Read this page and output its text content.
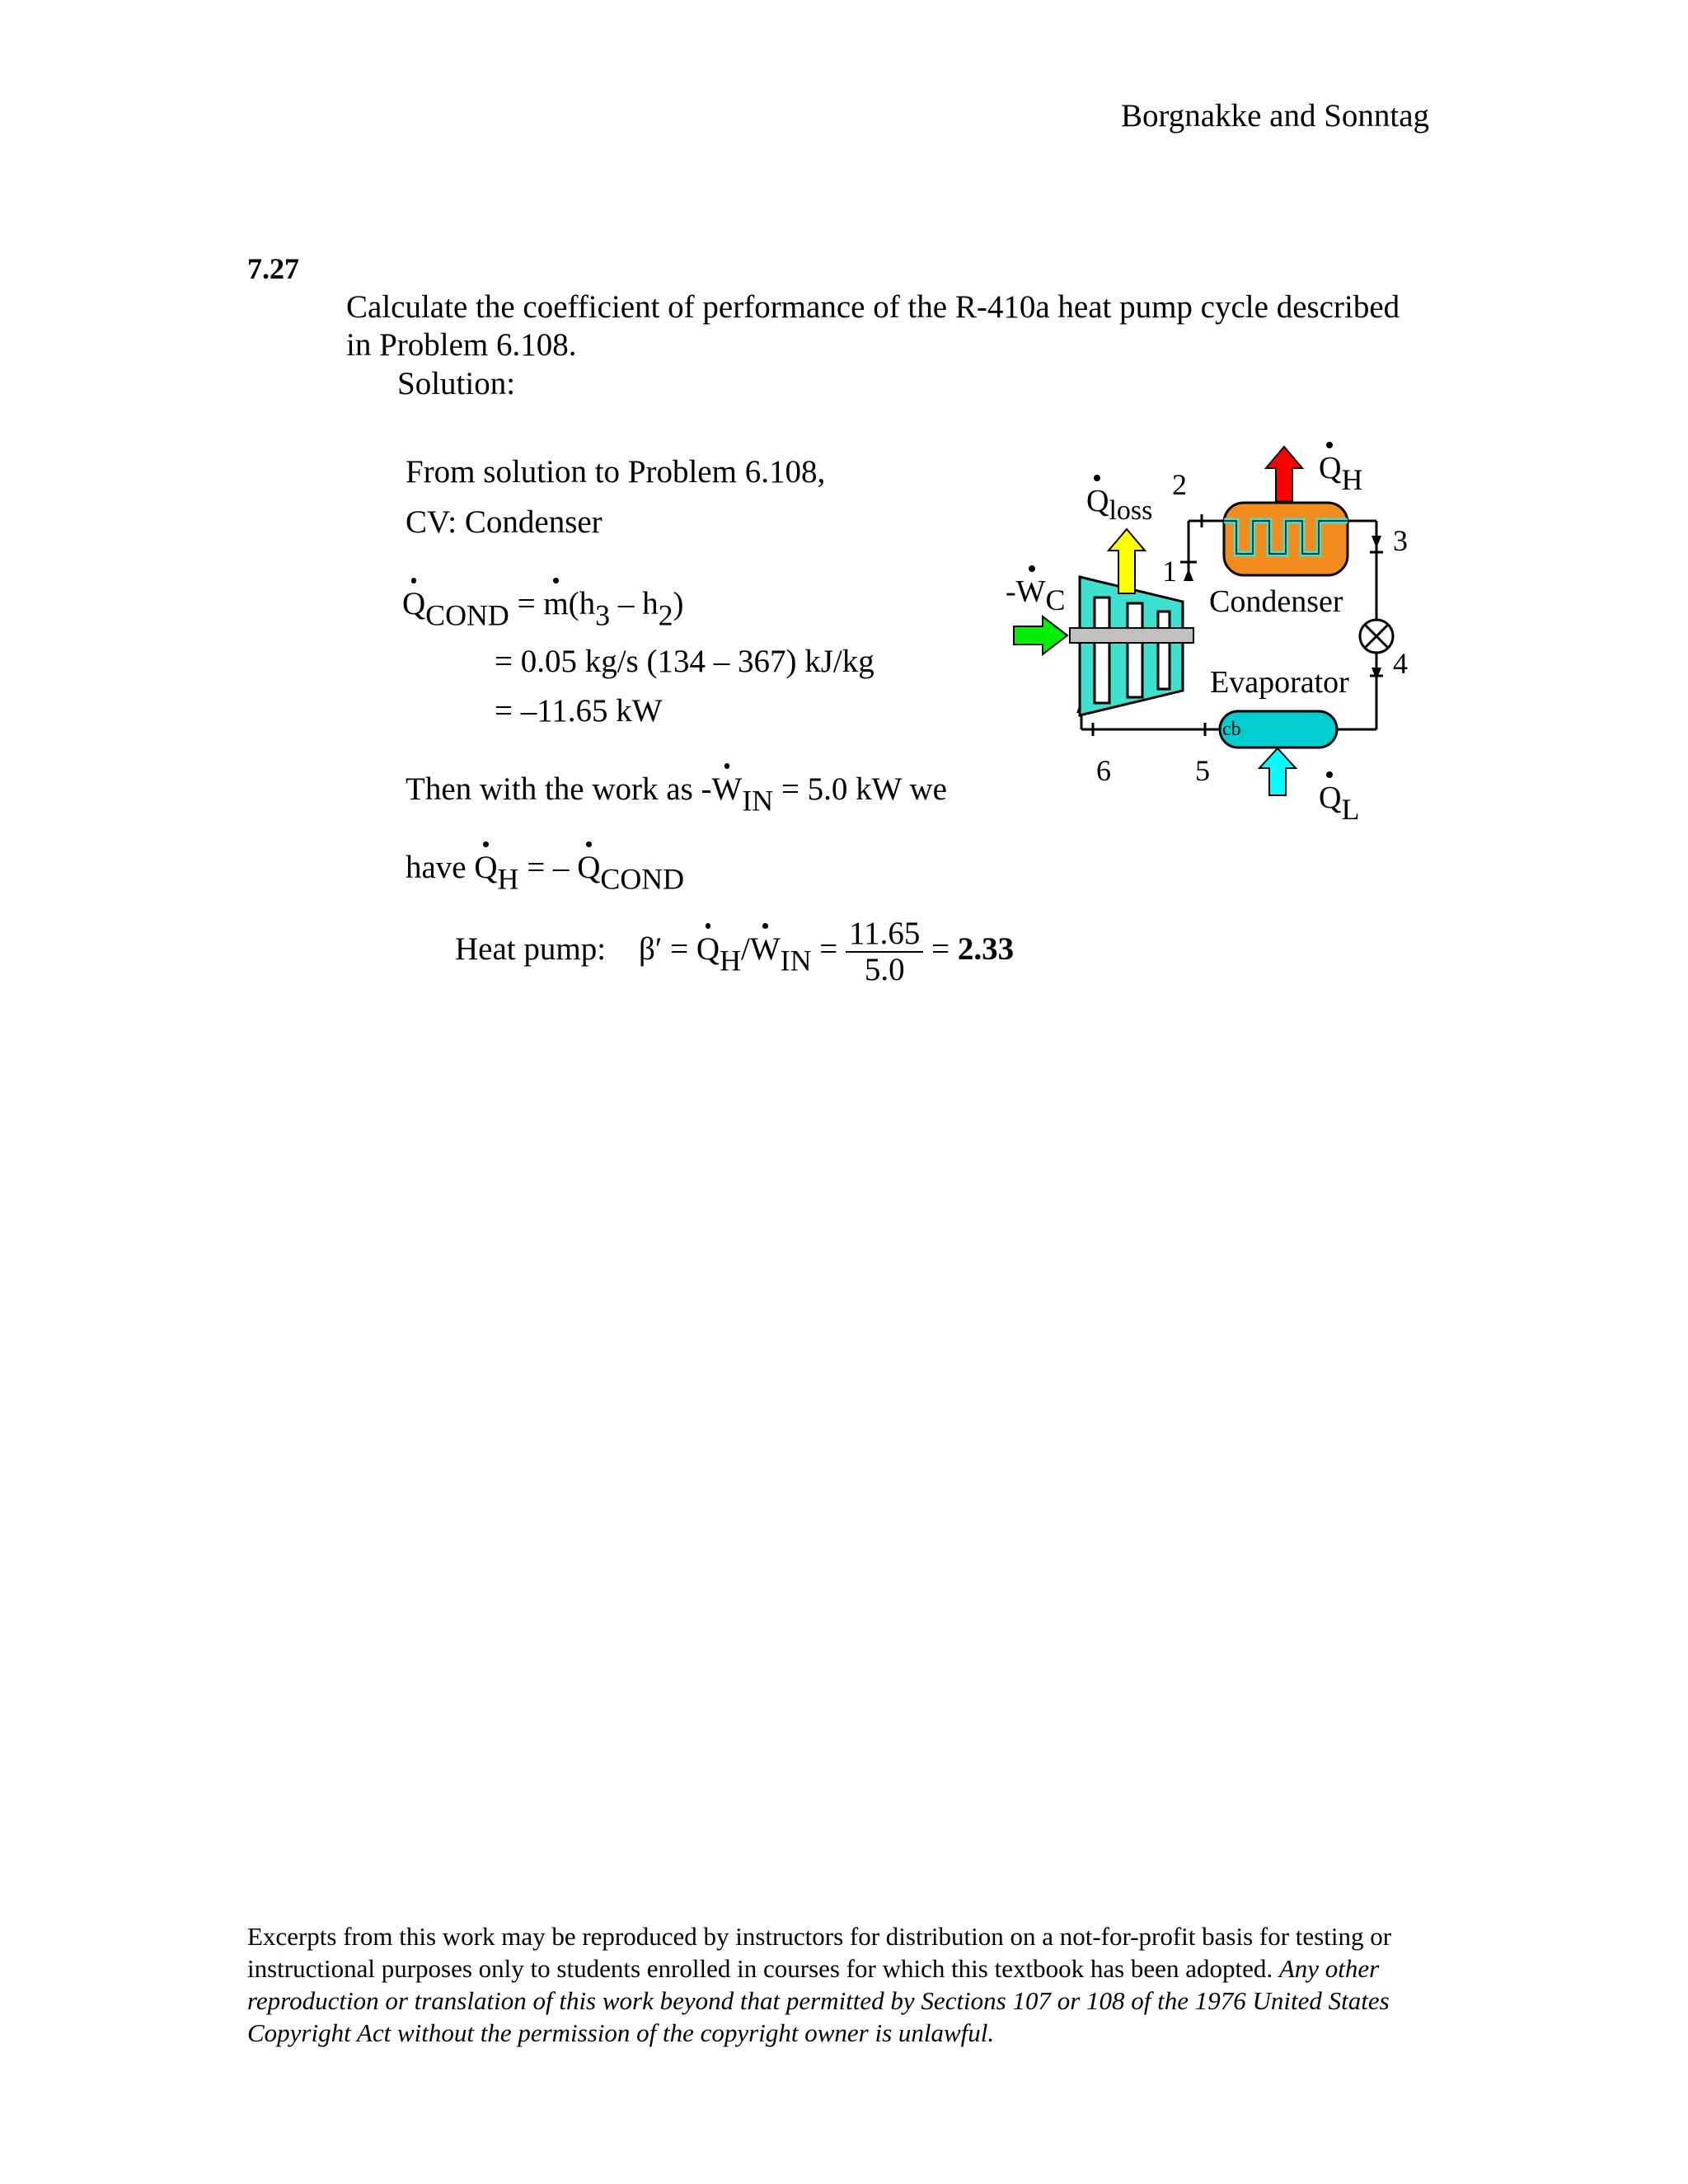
Borgnakke and Sonntag
7.27
Calculate the coefficient of performance of the R-410a heat pump cycle described
in Problem 6.108.
Solution:
From solution to Problem 6.108,
CV: Condenser
$Q_{COND} = m(h_3 - h_2)$
= 0.05 kg/s (134 – 367) kJ/kg
= –11.65 kW
Then with the work as $-W_{IN} = 5.0$ kW we
have $Q_H$ = – $Q_{COND}$
Heat pump: $\beta' = Q_H/W_{IN} = \frac{11.65}{5.0} = 2.33$
-WC
Qloss
Condenser
QH
Evaporator
cb
QL
2
1
3
4
5
6
Excerpts from this work may be reproduced by instructors for distribution on a not-for-profit basis for testing or instructional purposes only to students enrolled in courses for which this textbook has been adopted. Any other reproduction or translation of this work beyond that permitted by Sections 107 or 108 of the 1976 United States Copyright Act without the permission of the copyright owner is unlawful.
